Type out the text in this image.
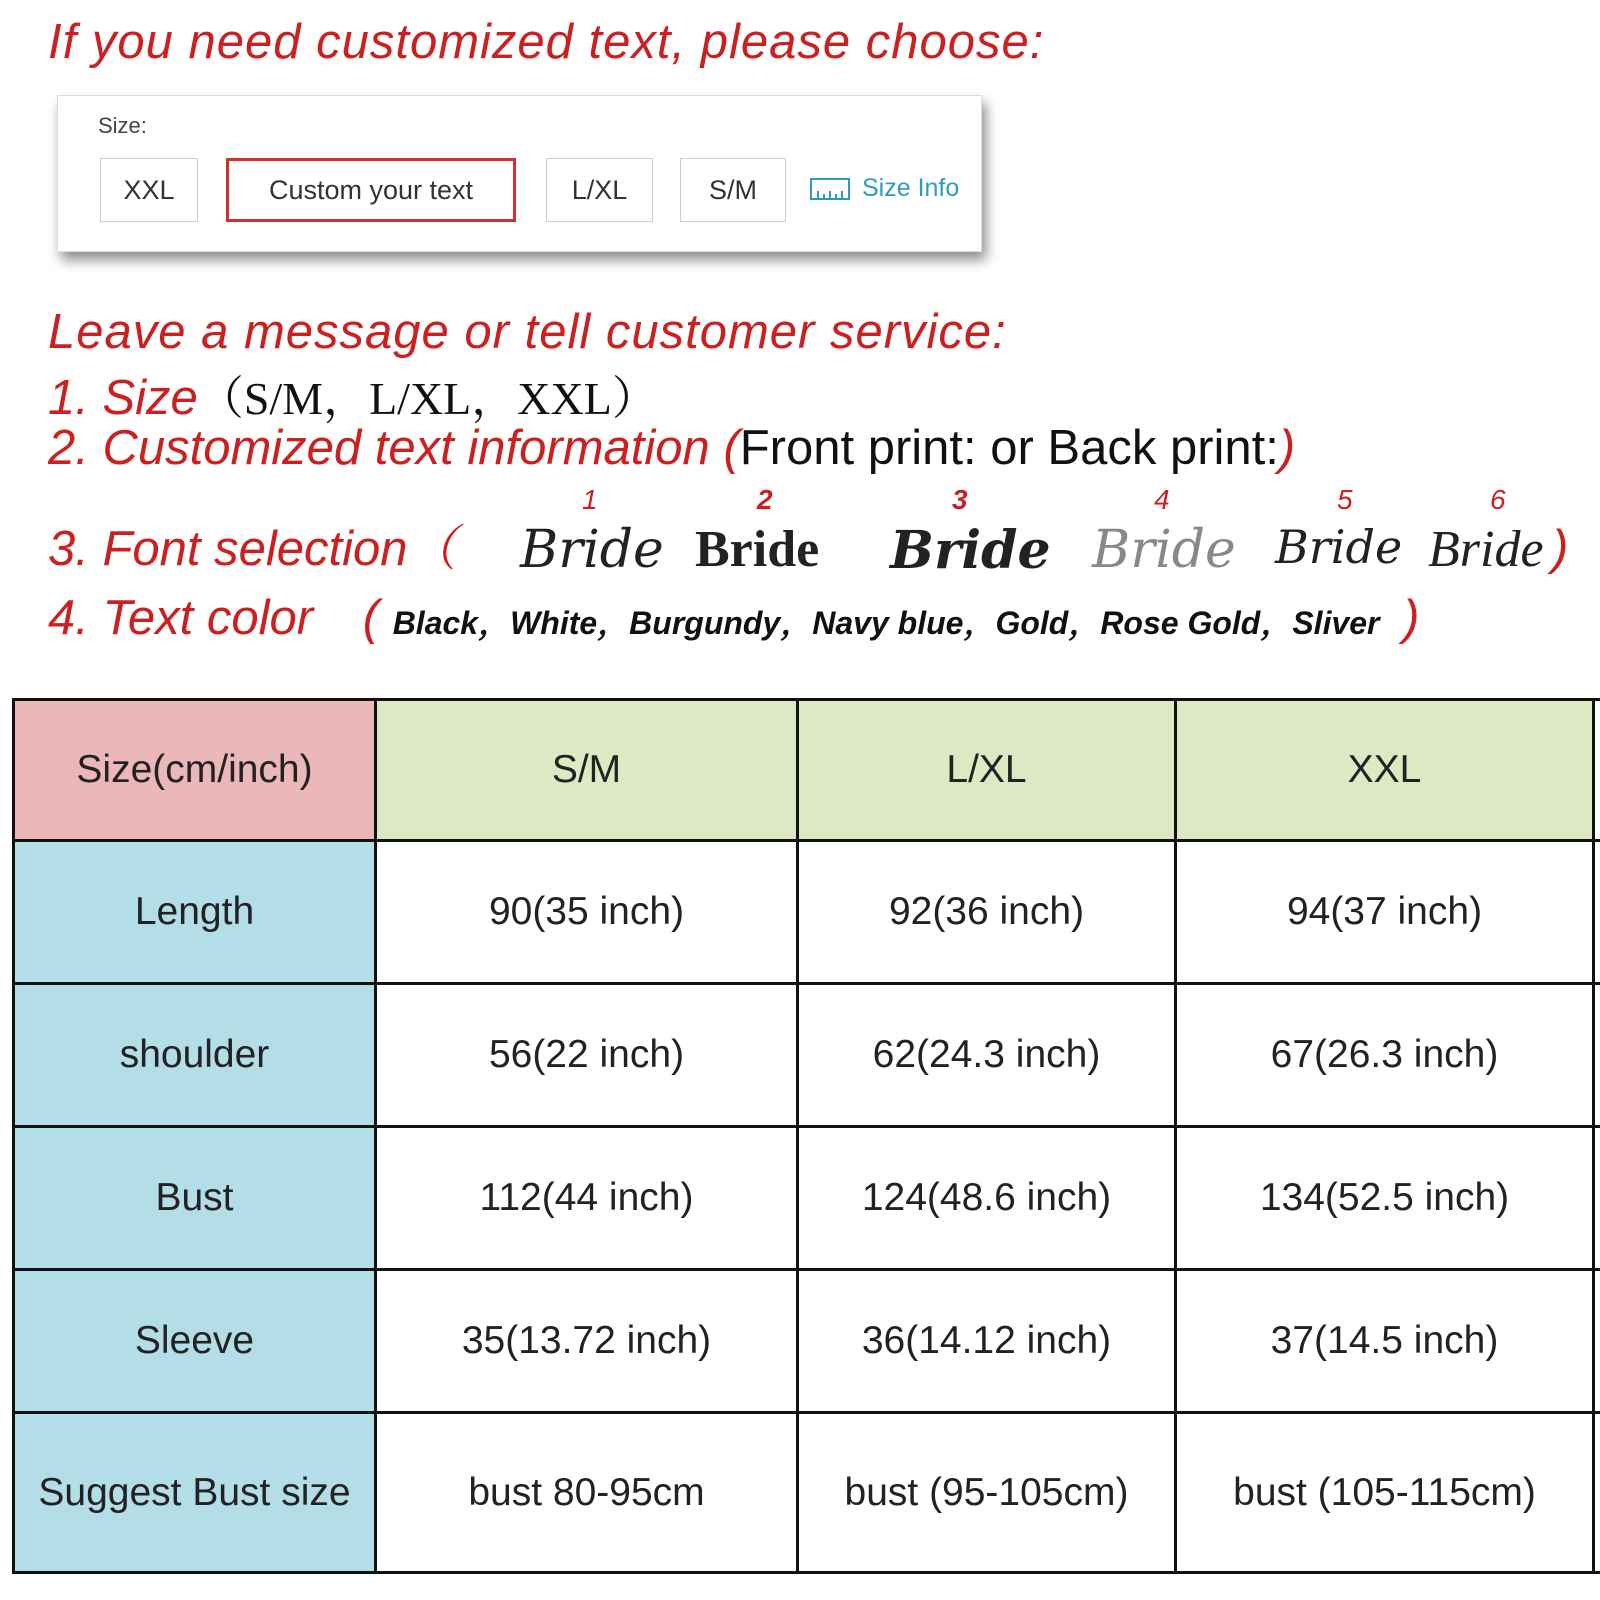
If you need customized text, please choose:
Size:
XXL	Custom your text	L/XL	S/M	Size Info
Leave a message or tell customer service:
1. Size（S/M，L/XL，XXL）
2. Customized text information (Front print: or Back print:)
3. Font selection（
1
Bride
2
Bride
3
Bride
4
Bride
5
Bride
6
Bride )
4. Text color ( Black，White，Burgundy，Navy blue，Gold，Rose Gold，Sliver )
Size(cm/inch)	S/M	L/XL	XXL	
Length	90(35 inch)	92(36 inch)	94(37 inch)	
shoulder	56(22 inch)	62(24.3 inch)	67(26.3 inch)	
Bust	112(44 inch)	124(48.6 inch)	134(52.5 inch)	
Sleeve	35(13.72 inch)	36(14.12 inch)	37(14.5 inch)	
Suggest Bust size	bust 80-95cm	bust (95-105cm)	bust (105-115cm)	
